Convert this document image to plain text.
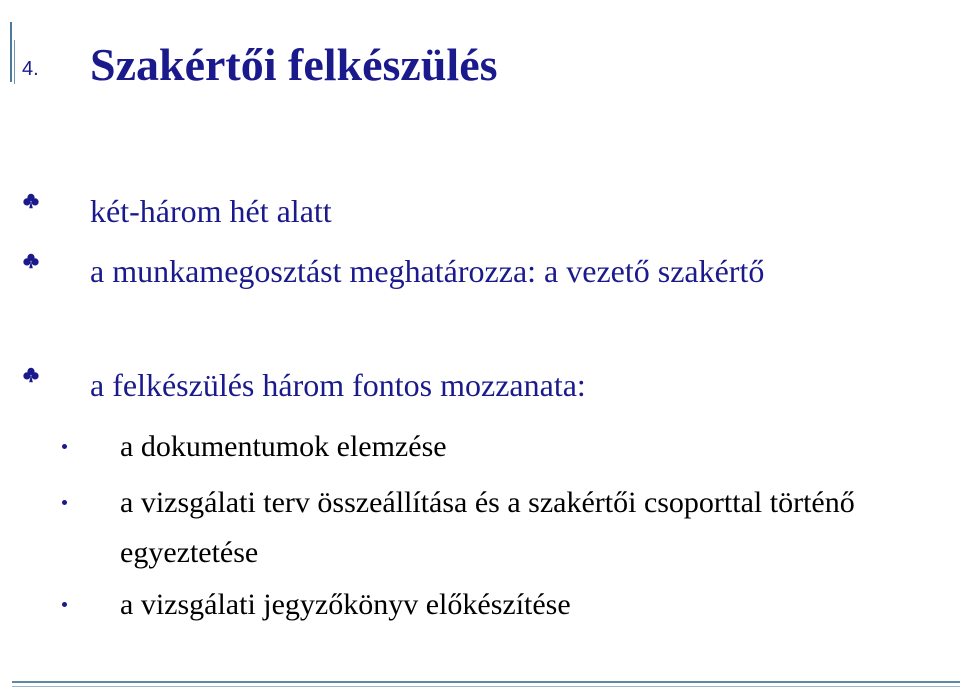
4. Szakértői felkészülés
két-három hét alatt
a munkamegosztást meghatározza: a vezető szakértő
a felkészülés három fontos mozzanata:
a dokumentumok elemzése
a vizsgálati terv összeállítása és a szakértői csoporttal történő egyeztetése
a vizsgálati jegyzőkönyv előkészítése
